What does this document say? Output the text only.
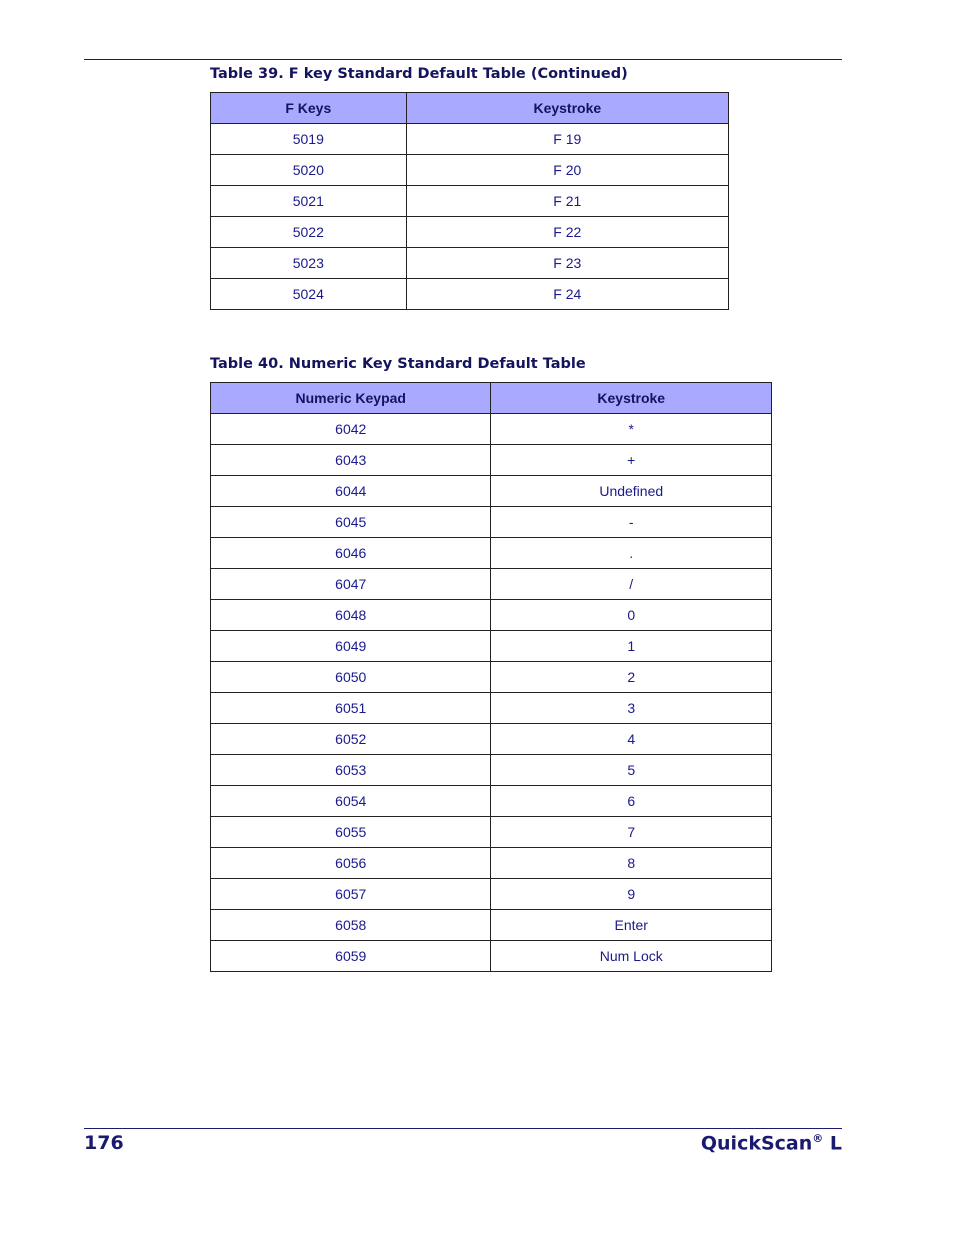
Table 39. F key Standard Default Table (Continued)
F Keys	Keystroke
5019	F 19
5020	F 20
5021	F 21
5022	F 22
5023	F 23
5024	F 24
Table 40. Numeric Key Standard Default Table
Numeric Keypad	Keystroke
6042	*
6043	+
6044	Undefined
6045	-
6046	.
6047	/
6048	0
6049	1
6050	2
6051	3
6052	4
6053	5
6054	6
6055	7
6056	8
6057	9
6058	Enter
6059	Num Lock
176	QuickScan® L
